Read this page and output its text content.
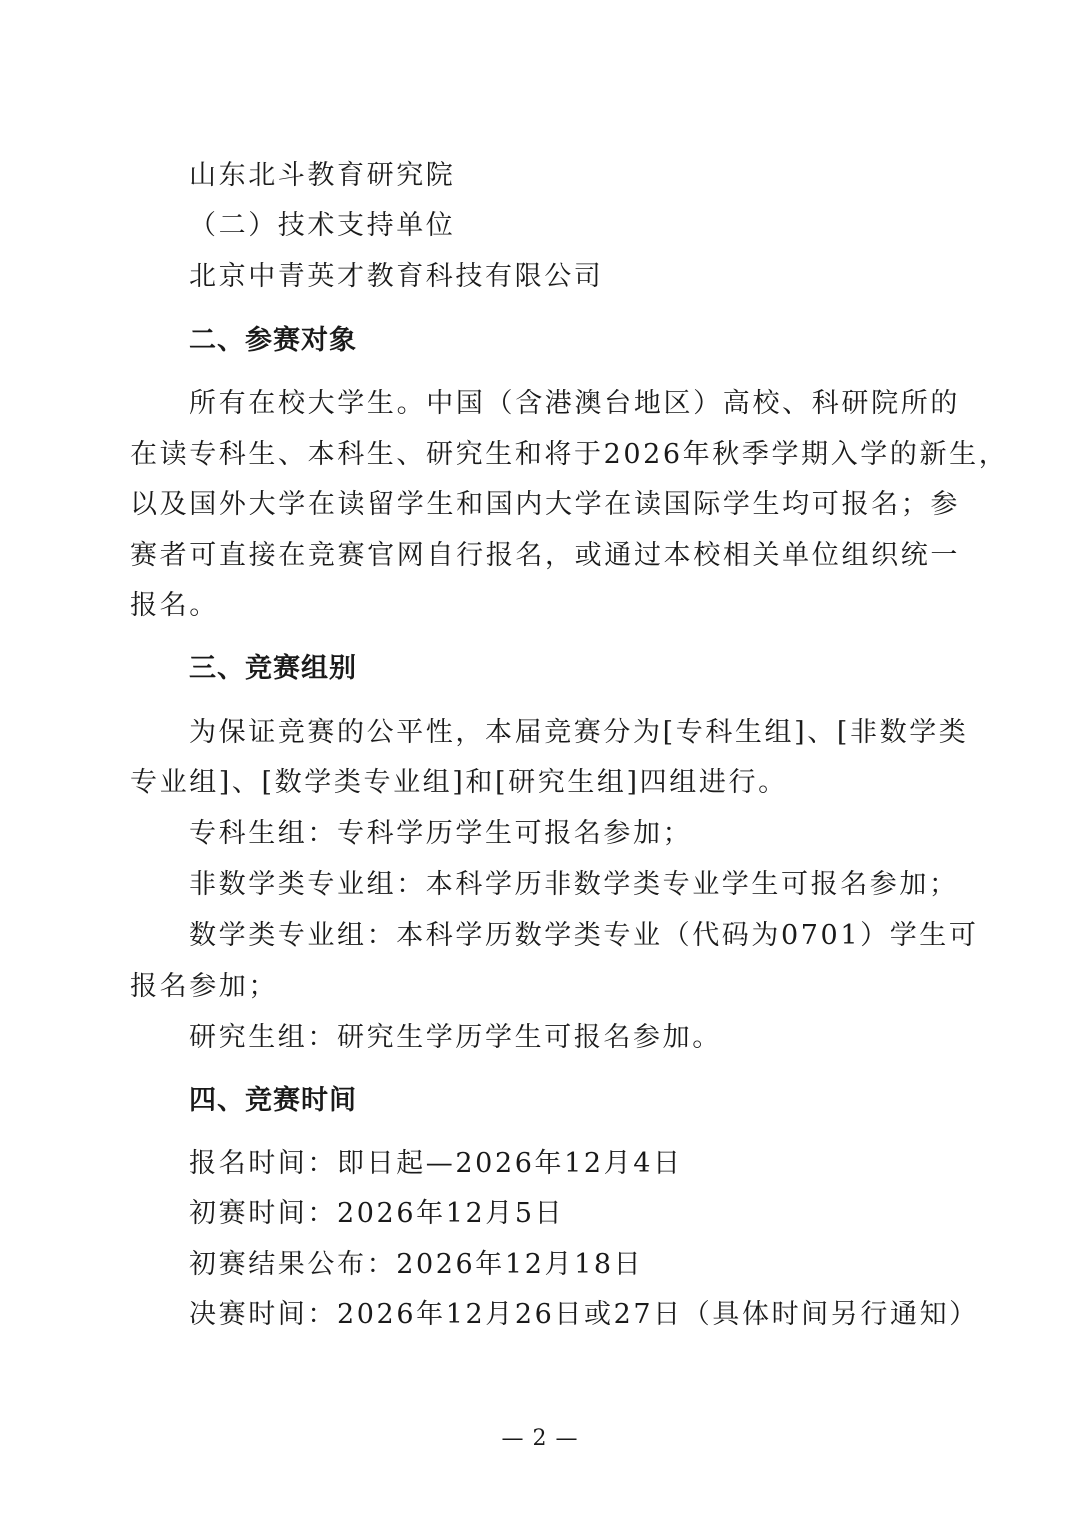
山东北斗教育研究院
（二）技术支持单位
北京中青英才教育科技有限公司
二、参赛对象
所有在校大学生。中国（含港澳台地区）高校、科研院所的
在读专科生、本科生、研究生和将于2026年秋季学期入学的新生，
以及国外大学在读留学生和国内大学在读国际学生均可报名；参
赛者可直接在竞赛官网自行报名，或通过本校相关单位组织统一
报名。
三、竞赛组别
为保证竞赛的公平性，本届竞赛分为[专科生组]、[非数学类
专业组]、[数学类专业组]和[研究生组]四组进行。
专科生组：专科学历学生可报名参加；
非数学类专业组：本科学历非数学类专业学生可报名参加；
数学类专业组：本科学历数学类专业（代码为0701）学生可
报名参加；
研究生组：研究生学历学生可报名参加。
四、竞赛时间
报名时间：即日起—2026年12月4日
初赛时间：2026年12月5日
初赛结果公布：2026年12月18日
决赛时间：2026年12月26日或27日（具体时间另行通知）
— 2 —
